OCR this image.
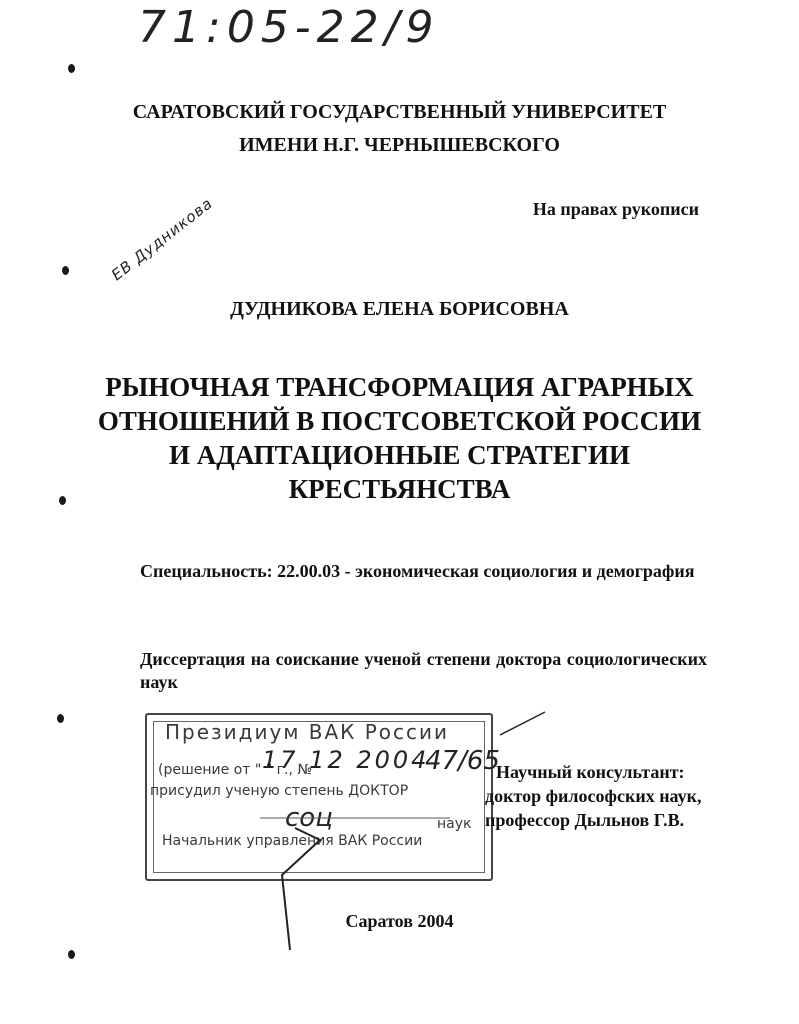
71:05-22/9
ЕВ Дудникова
САРАТОВСКИЙ ГОСУДАРСТВЕННЫЙ УНИВЕРСИТЕТ
ИМЕНИ Н.Г. ЧЕРНЫШЕВСКОГО
На правах рукописи
ДУДНИКОВА ЕЛЕНА БОРИСОВНА
РЫНОЧНАЯ ТРАНСФОРМАЦИЯ АГРАРНЫХ
ОТНОШЕНИЙ В ПОСТСОВЕТСКОЙ РОССИИ
И АДАПТАЦИОННЫЕ СТРАТЕГИИ
КРЕСТЬЯНСТВА
Специальность: 22.00.03 - экономическая социология и демография
Диссертация на соискание ученой степени доктора социологических наук
Президиум ВАК России
(решение от " " г., №
присудил ученую степень ДОКТОР
наук
Начальник управления ВАК России
17 12 2004
соц
47/65
Научный консультант:
доктор философских наук,
профессор Дыльнов Г.В.
Саратов 2004
